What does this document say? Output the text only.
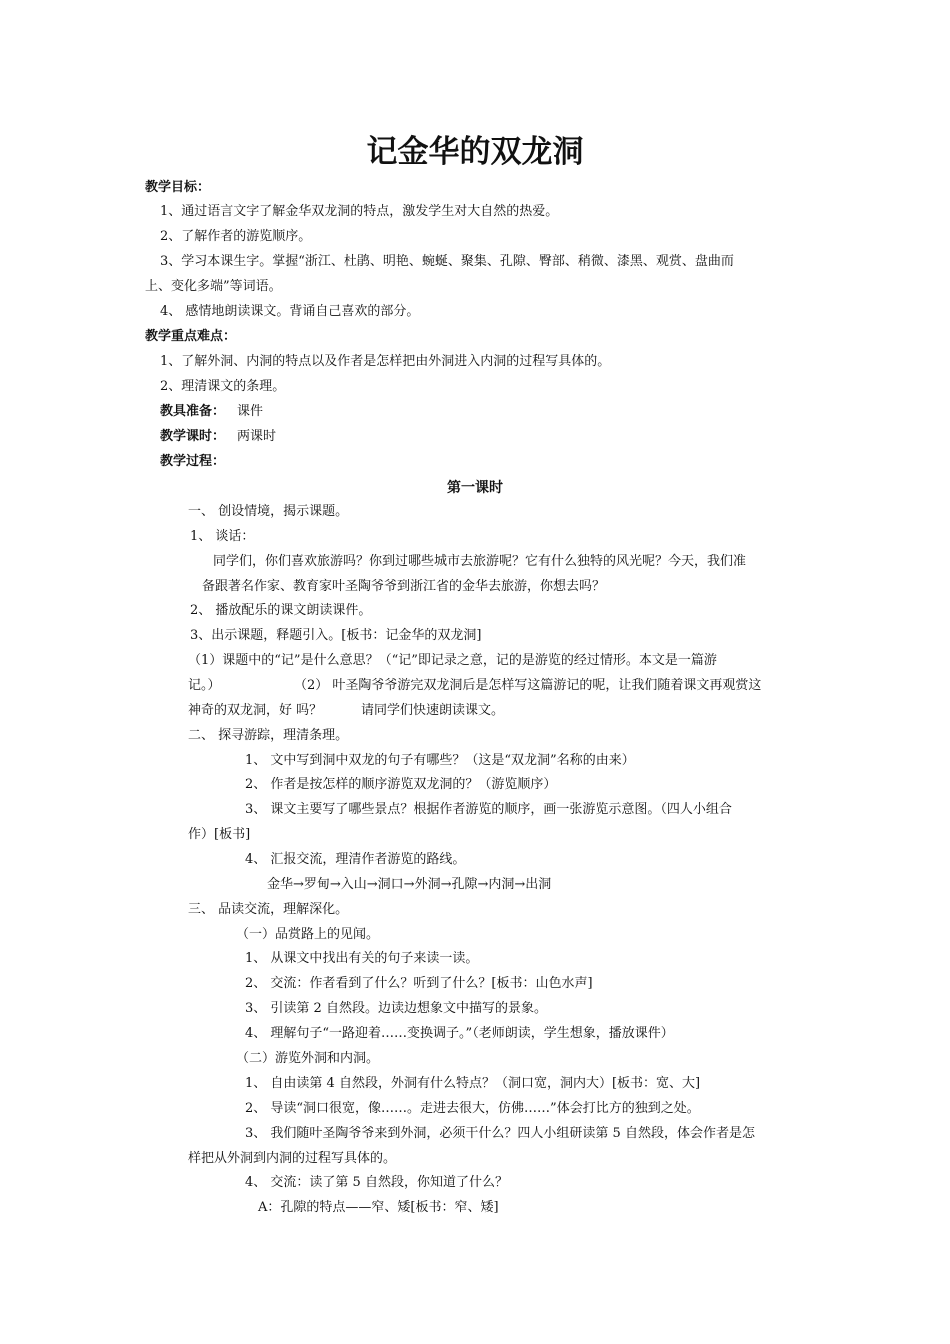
记金华的双龙洞
教学目标：
1、通过语言文字了解金华双龙洞的特点，激发学生对大自然的热爱。
2、了解作者的游览顺序。
3、学习本课生字。掌握“浙江、杜鹃、明艳、蜿蜒、聚集、孔隙、臀部、稍微、漆黑、观赏、盘曲而
上、变化多端”等词语。
4、 感情地朗读课文。背诵自己喜欢的部分。
教学重点难点：
1、了解外洞、内洞的特点以及作者是怎样把由外洞进入内洞的过程写具体的。
2、理清课文的条理。
教具准备： 课件
教学课时： 两课时
教学过程：
第一课时
一、 创设情境，揭示课题。
1、 谈话：
同学们，你们喜欢旅游吗？你到过哪些城市去旅游呢？它有什么独特的风光呢？今天，我们准
备跟著名作家、教育家叶圣陶爷爷到浙江省的金华去旅游，你想去吗？
2、 播放配乐的课文朗读课件。
3、出示课题，释题引入。[板书：记金华的双龙洞]
（1）课题中的“记”是什么意思？（“记”即记录之意，记的是游览的经过情形。本文是一篇游
记。）	（2） 叶圣陶爷爷游完双龙洞后是怎样写这篇游记的呢，让我们随着课文再观赏这
神奇的双龙洞，好 吗？	请同学们快速朗读课文。
二、 探寻游踪，理清条理。
1、 文中写到洞中双龙的句子有哪些？（这是“双龙洞”名称的由来）
2、 作者是按怎样的顺序游览双龙洞的？（游览顺序）
3、 课文主要写了哪些景点？根据作者游览的顺序，画一张游览示意图。（四人小组合
作）[板书]
4、 汇报交流，理清作者游览的路线。
金华→罗甸→入山→洞口→外洞→孔隙→内洞→出洞
三、 品读交流，理解深化。
（一）品赏路上的见闻。
1、 从课文中找出有关的句子来读一读。
2、 交流：作者看到了什么？听到了什么？[板书：山色水声]
3、 引读第 2 自然段。边读边想象文中描写的景象。
4、 理解句子“一路迎着……变换调子。”（老师朗读，学生想象，播放课件）
（二）游览外洞和内洞。
1、 自由读第 4 自然段，外洞有什么特点？（洞口宽，洞内大）[板书：宽、大]
2、 导读“洞口很宽，像……。走进去很大，仿佛……”体会打比方的独到之处。
3、 我们随叶圣陶爷爷来到外洞，必须干什么？四人小组研读第 5 自然段，体会作者是怎
样把从外洞到内洞的过程写具体的。
4、 交流：读了第 5 自然段，你知道了什么？
A：孔隙的特点——窄、矮[板书：窄、矮]
